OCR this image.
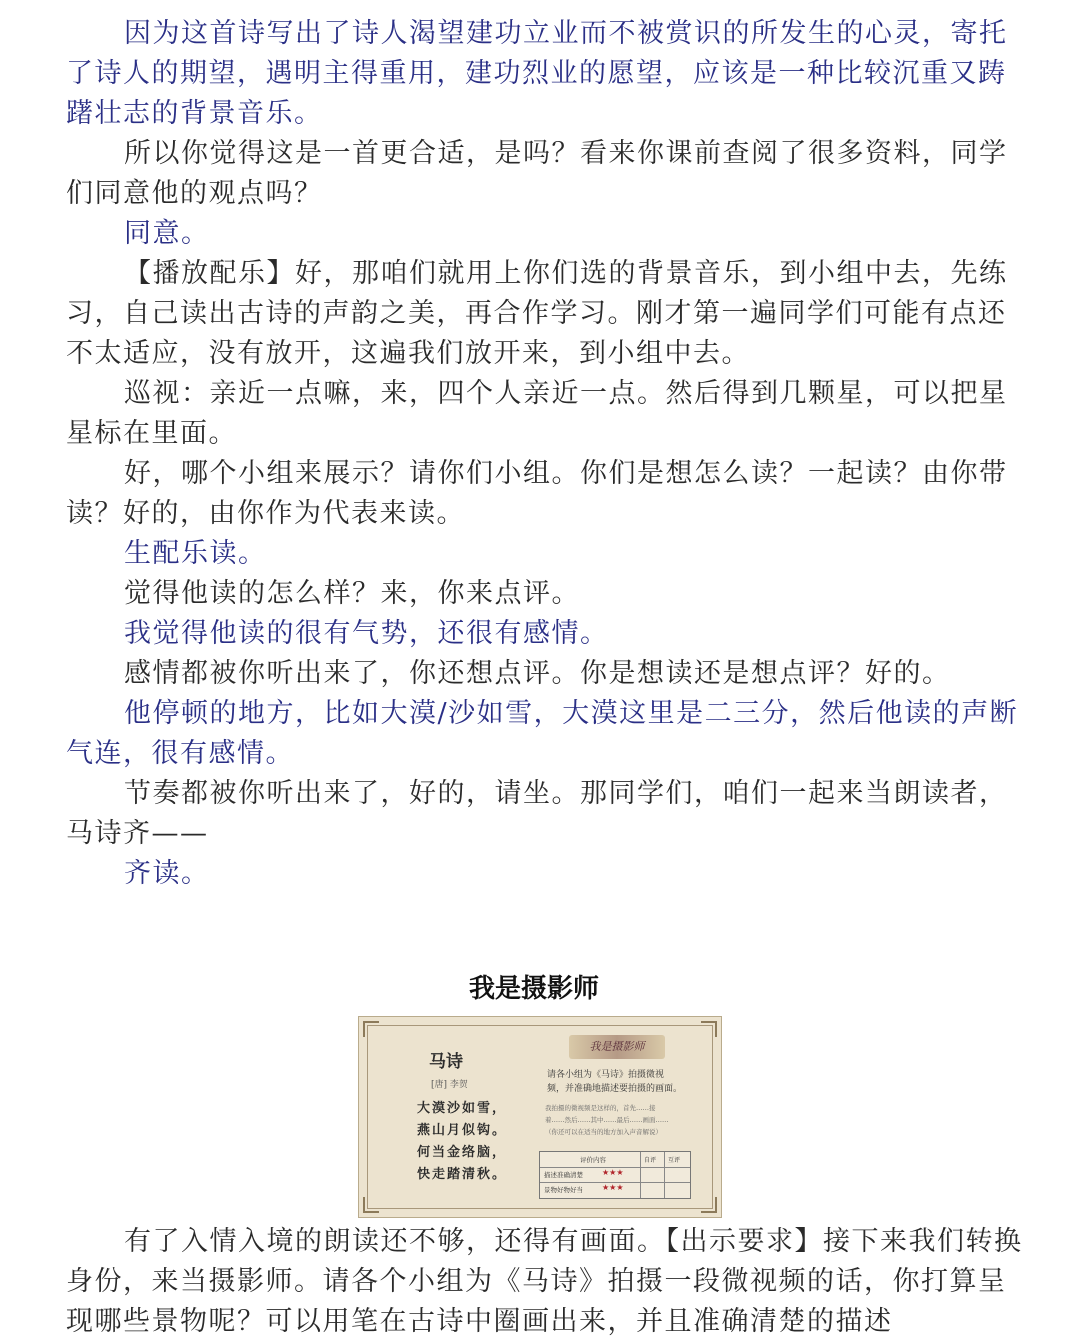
因为这首诗写出了诗人渴望建功立业而不被赏识的所发生的心灵，寄托了诗人的期望，遇明主得重用，建功烈业的愿望，应该是一种比较沉重又踌躇壮志的背景音乐。
所以你觉得这是一首更合适，是吗？看来你课前查阅了很多资料，同学们同意他的观点吗？
同意。
【播放配乐】好，那咱们就用上你们选的背景音乐，到小组中去，先练习，自己读出古诗的声韵之美，再合作学习。刚才第一遍同学们可能有点还不太适应，没有放开，这遍我们放开来，到小组中去。
巡视：亲近一点嘛，来，四个人亲近一点。然后得到几颗星，可以把星星标在里面。
好，哪个小组来展示？请你们小组。你们是想怎么读？一起读？由你带读？好的，由你作为代表来读。
生配乐读。
觉得他读的怎么样？来，你来点评。
我觉得他读的很有气势，还很有感情。
感情都被你听出来了，你还想点评。你是想读还是想点评？好的。
他停顿的地方，比如大漠/沙如雪，大漠这里是二三分，然后他读的声断气连，很有感情。
节奏都被你听出来了，好的，请坐。那同学们，咱们一起来当朗读者，马诗齐——
齐读。
我是摄影师
马诗
[唐] 李贺
大漠沙如雪，
燕山月似钩。
何当金络脑，
快走踏清秋。
我是摄影师
请各小组为《马诗》拍摄微视
频，并准确地描述要拍摄的画面。
我拍摄的微视频是这样的，首先……接
着……然后……其中……最后……画面……
（你还可以在适当的地方加入声音解说）
评价内容	自评 互评
描述准确清楚 ★★★
景物好物好当 ★★★
有了入情入境的朗读还不够，还得有画面。【出示要求】接下来我们转换身份，来当摄影师。请各个小组为《马诗》拍摄一段微视频的话，你打算呈现哪些景物呢？可以用笔在古诗中圈画出来，并且准确清楚的描述
